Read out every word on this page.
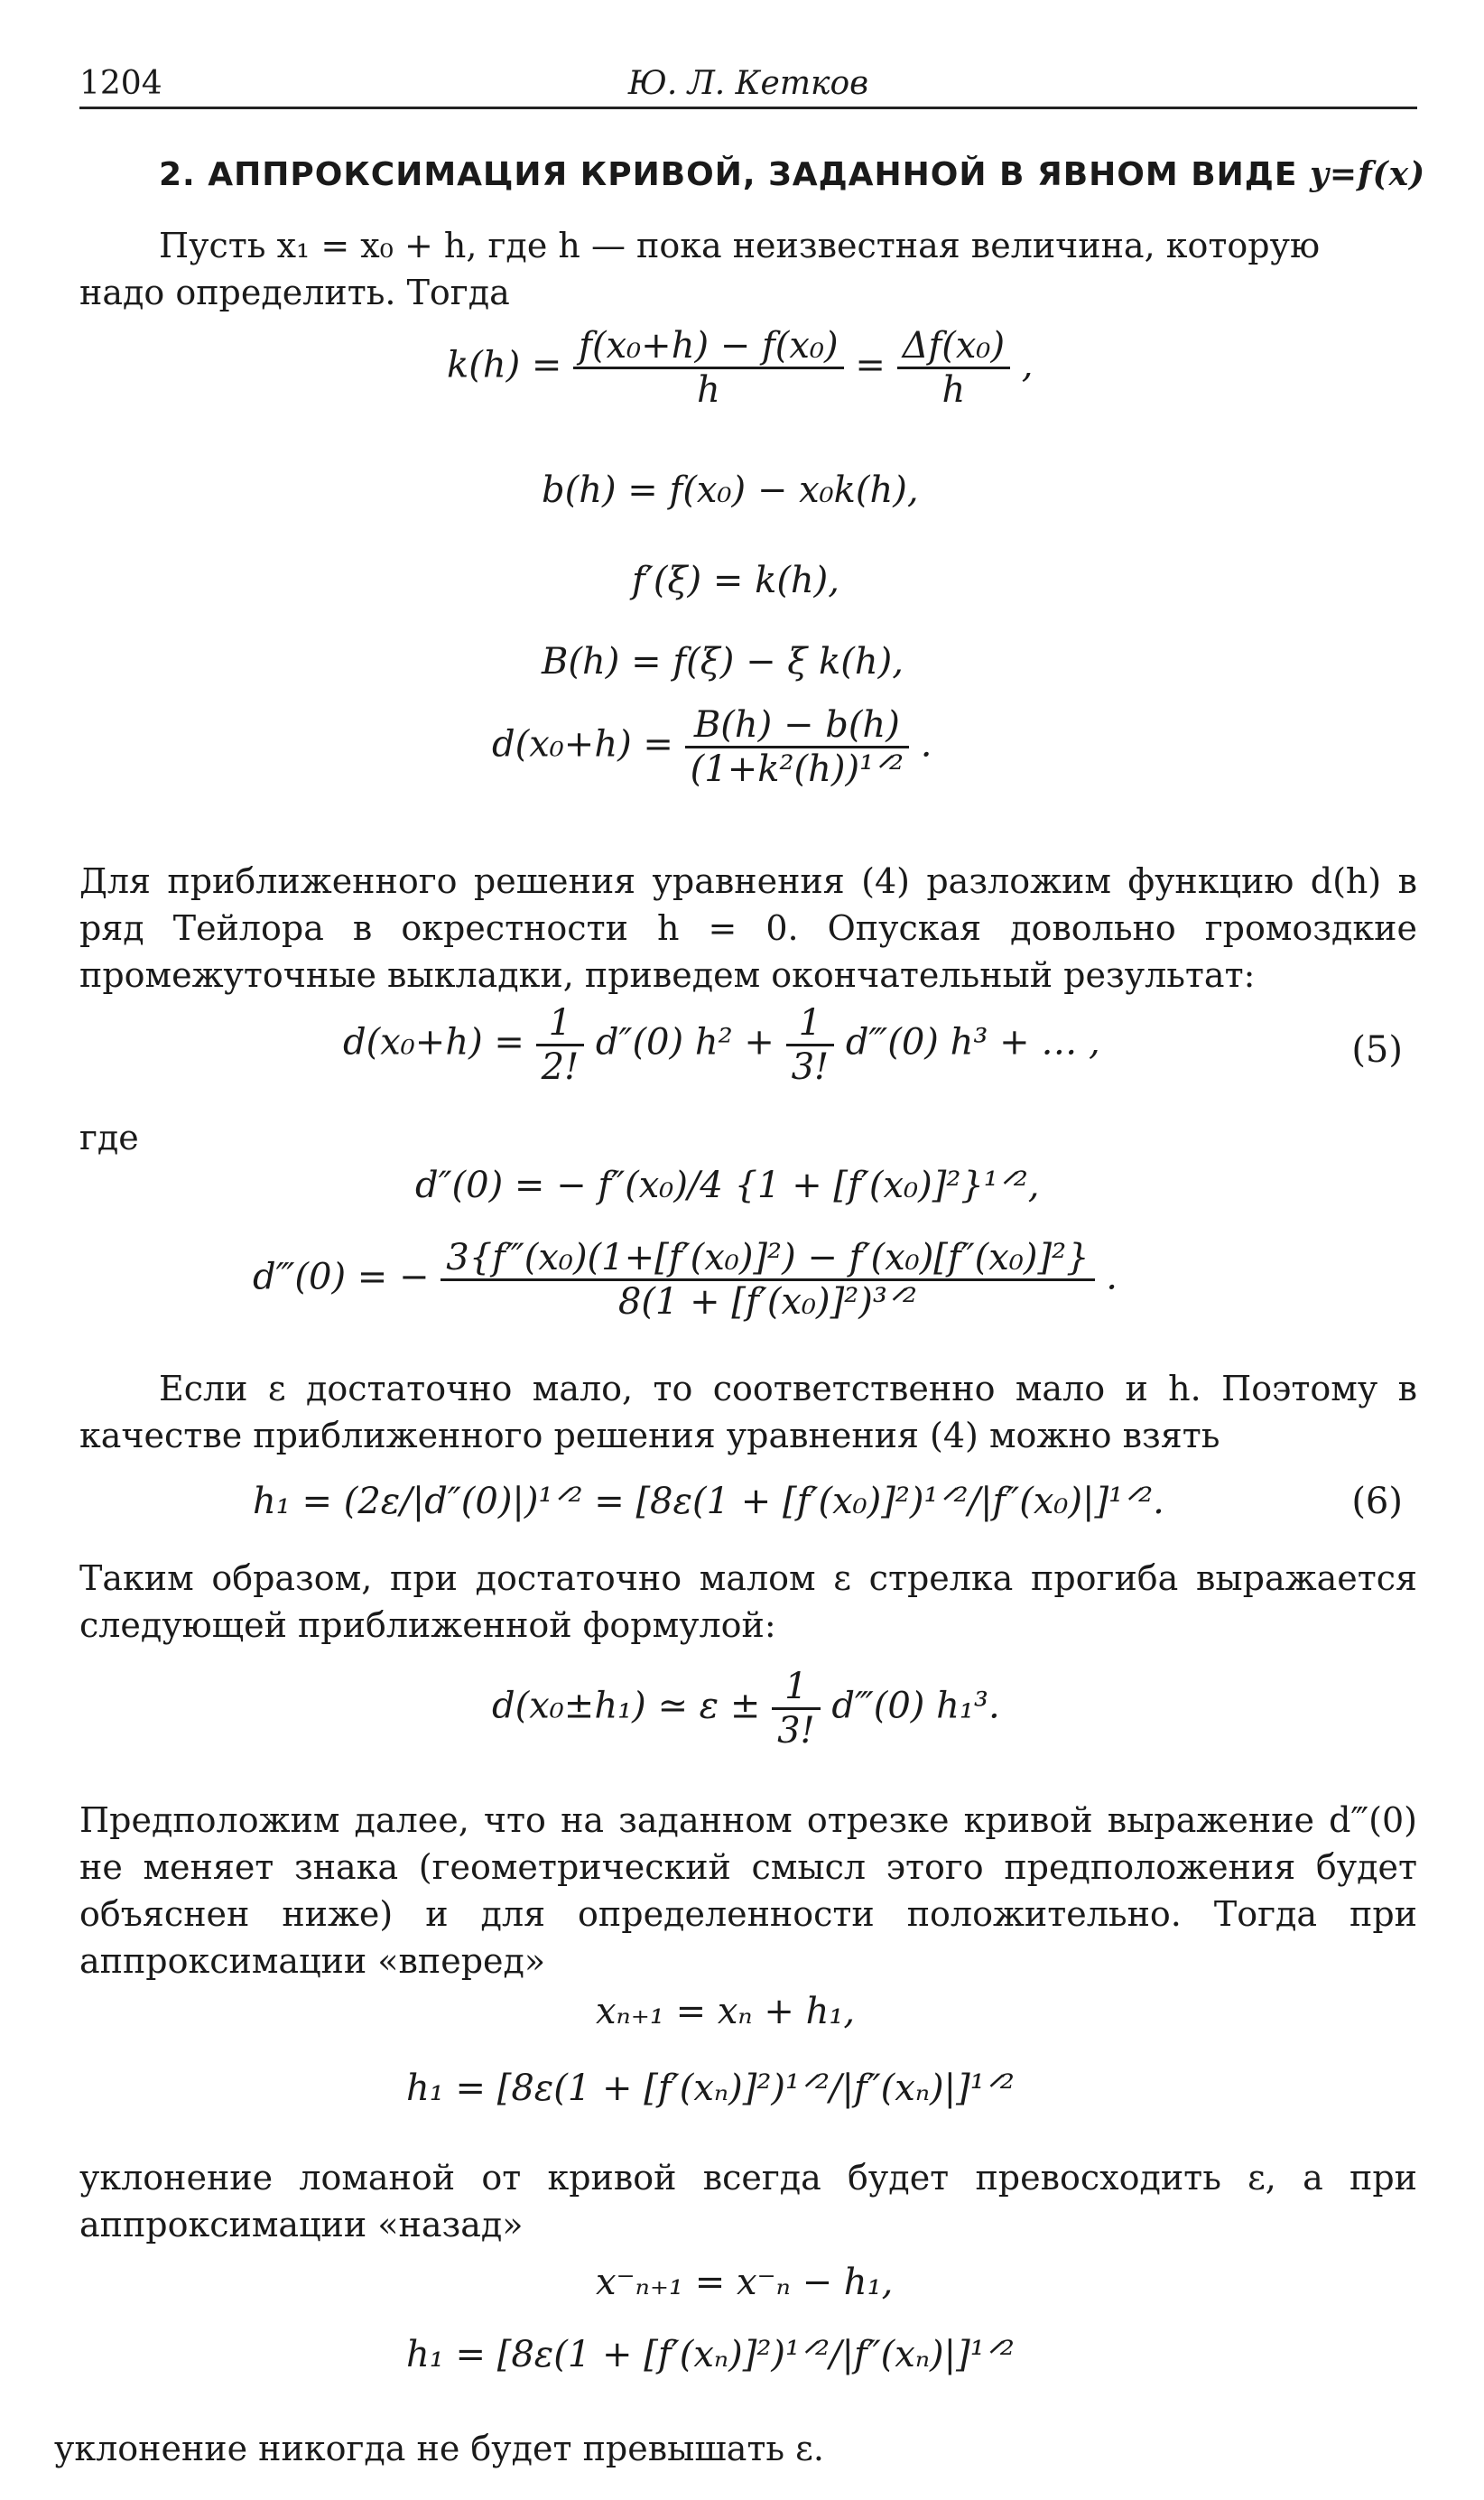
1204	Ю. Л. Кетков
2. АППРОКСИМАЦИЯ КРИВОЙ, ЗАДАННОЙ В ЯВНОМ ВИДЕ y=f(x)
Пусть x₁ = x₀ + h, где h — пока неизвестная величина, которую
надо определить. Тогда
$k(h) = \frac{\text{f(x₀+h) − f(x₀)}}{h} = \frac{\text{Δf(x₀)}}{h}$ ,
b(h) = f(x₀) − x₀k(h),
f′(ξ) = k(h),
B(h) = f(ξ) − ξ k(h),
$d(x_0+h) = \frac{B(h) - b(h)}{\text{(1+k²(h))¹ᐟ²}}$ .
Для приближенного решения уравнения (4) разложим функцию d(h) в ряд Тейлора в окрестности h = 0. Опуская довольно громоздкие промежуточные выкладки, приведем окончательный результат:
$d(x_0+h) = \frac{1}{2!} d''(0) h^2 + \frac{1}{3!}$ d‴(0) h³ + … ,	(5)
где
d″(0) = − f″(x₀)/4 {1 + [f′(x₀)]²}¹ᐟ²,
d‴(0) = − $\frac{\text{3\{f‴(x₀)(1+[f′(x₀)]²) − f′(x₀)[f″(x₀)]²\}}}{\text{8(1 + [f′(x₀)]²)³ᐟ²}}$ .
Если ε достаточно мало, то соответственно мало и h. Поэтому в качестве приближенного решения уравнения (4) можно взять
h₁ = (2ε/|d″(0)|)¹ᐟ² = [8ε(1 + [f′(x₀)]²)¹ᐟ²/|f″(x₀)|]¹ᐟ².	(6)
Таким образом, при достаточно малом ε стрелка прогиба выражается следующей приближенной формулой:
d(x₀±h₁) ≃ $\varepsilon \pm \frac{1}{3!}$ d‴(0) h₁³.
Предположим далее, что на заданном отрезке кривой выражение d‴(0) не меняет знака (геометрический смысл этого предположения будет объяснен ниже) и для определенности положительно. Тогда при аппроксимации «вперед»
xₙ₊₁ = xₙ + h₁,
h₁ = [8ε(1 + [f′(xₙ)]²)¹ᐟ²/|f″(xₙ)|]¹ᐟ²
уклонение ломаной от кривой всегда будет превосходить ε, а при аппроксимации «назад»
x⁻ₙ₊₁ = x⁻ₙ − h₁,
h₁ = [8ε(1 + [f′(xₙ)]²)¹ᐟ²/|f″(xₙ)|]¹ᐟ²
уклонение никогда не будет превышать ε.
